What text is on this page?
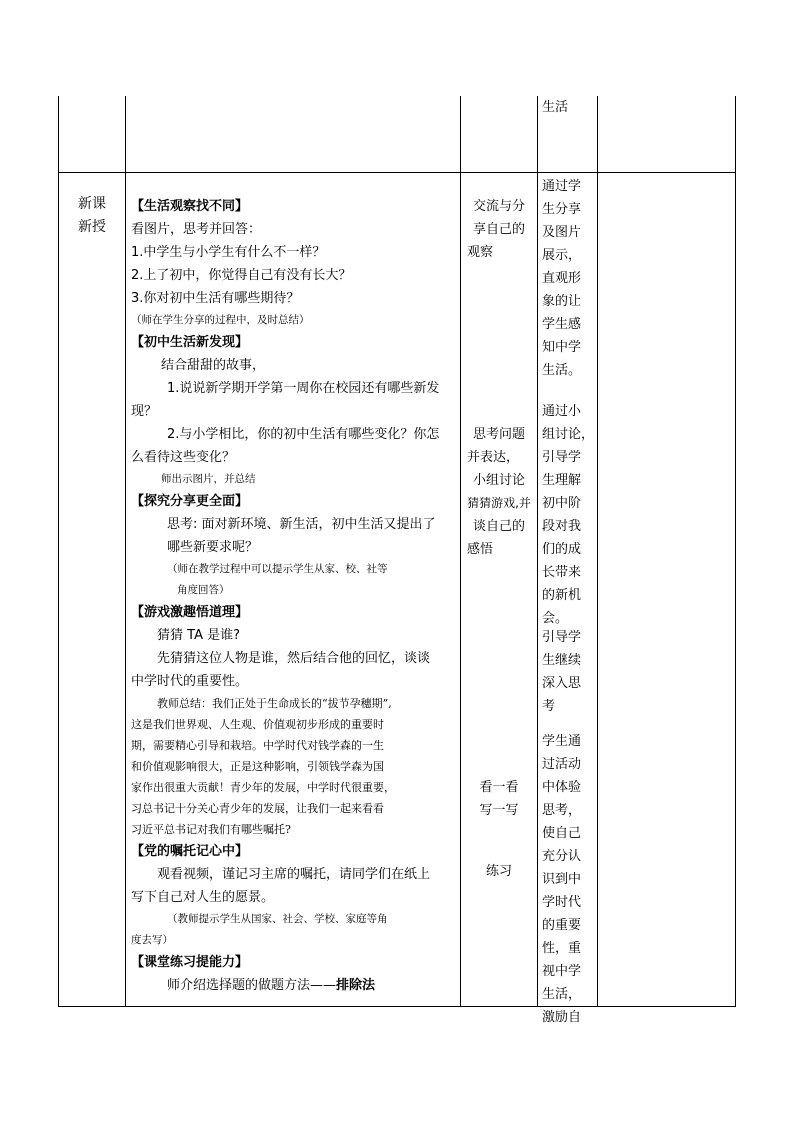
生活
新课
新授
【生活观察找不同】
看图片，思考并回答：
1.中学生与小学生有什么不一样？
2.上了初中，你觉得自己有没有长大？
3.你对初中生活有哪些期待？
（师在学生分享的过程中，及时总结）
【初中生活新发现】
结合甜甜的故事，
1.说说新学期开学第一周你在校园还有哪些新发
现？
2.与小学相比，你的初中生活有哪些变化？你怎
么看待这些变化？
师出示图片，并总结
【探究分享更全面】
思考: 面对新环境、新生活，初中生活又提出了
哪些新要求呢？
（师在教学过程中可以提示学生从家、校、社等
角度回答）
【游戏激趣悟道理】
猜猜 TA 是谁?
先猜猜这位人物是谁，然后结合他的回忆，谈谈
中学时代的重要性。
教师总结：我们正处于生命成长的“拔节孕穗期”,
这是我们世界观、人生观、价值观初步形成的重要时
期，需要精心引导和栽培。中学时代对钱学森的一生
和价值观影响很大，正是这种影响，引领钱学森为国
家作出很重大贡献！青少年的发展，中学时代很重要，
习总书记十分关心青少年的发展，让我们一起来看看
习近平总书记对我们有哪些嘱托?
【党的嘱托记心中】
观看视频，谨记习主席的嘱托，请同学们在纸上
写下自己对人生的愿景。
（教师提示学生从国家、社会、学校、家庭等角
度去写）
【课堂练习提能力】
师介绍选择题的做题方法——排除法
交流与分
享自己的
观察
思考问题
并表达，
小组讨论
猜猜游戏,并
谈自己的
感悟
看一看
写一写
练习
通过学
生分享
及图片
展示，
直观形
象的让
学生感
知中学
生活。
通过小
组讨论，
引导学
生理解
初中阶
段对我
们的成
长带来
的新机
会。
引导学
生继续
深入思
考
学生通
过活动
中体验
思考，
使自己
充分认
识到中
学时代
的重要
性，重
视中学
生活，
激励自
